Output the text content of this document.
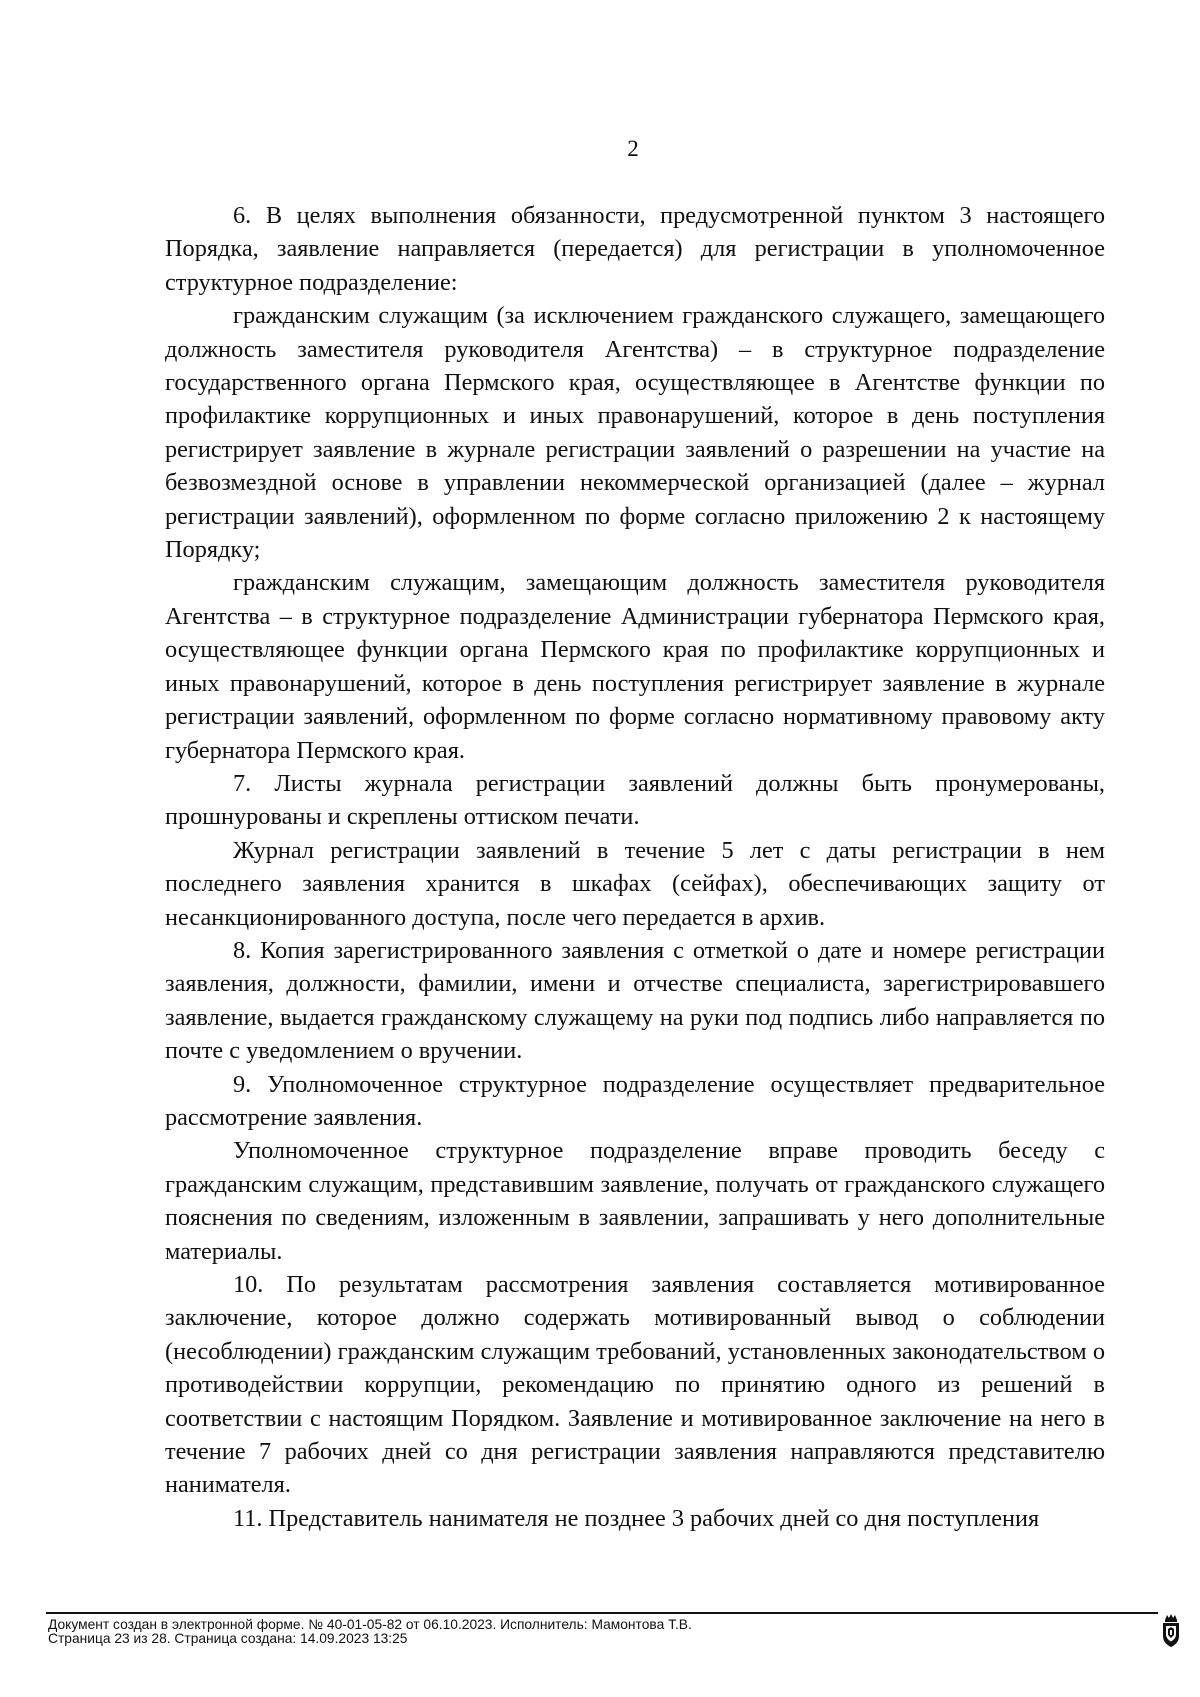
2

6. В целях выполнения обязанности, предусмотренной пунктом 3 настоящего Порядка, заявление направляется (передается) для регистрации в уполномоченное структурное подразделение:

гражданским служащим (за исключением гражданского служащего, замещающего должность заместителя руководителя Агентства) – в структурное подразделение государственного органа Пермского края, осуществляющее в Агентстве функции по профилактике коррупционных и иных правонарушений, которое в день поступления регистрирует заявление в журнале регистрации заявлений о разрешении на участие на безвозмездной основе в управлении некоммерческой организацией (далее – журнал регистрации заявлений), оформленном по форме согласно приложению 2 к настоящему Порядку;

гражданским служащим, замещающим должность заместителя руководителя Агентства – в структурное подразделение Администрации губернатора Пермского края, осуществляющее функции органа Пермского края по профилактике коррупционных и иных правонарушений, которое в день поступления регистрирует заявление в журнале регистрации заявлений, оформленном по форме согласно нормативному правовому акту губернатора Пермского края.

7. Листы журнала регистрации заявлений должны быть пронумерованы, прошнурованы и скреплены оттиском печати.

Журнал регистрации заявлений в течение 5 лет с даты регистрации в нем последнего заявления хранится в шкафах (сейфах), обеспечивающих защиту от несанкционированного доступа, после чего передается в архив.

8. Копия зарегистрированного заявления с отметкой о дате и номере регистрации заявления, должности, фамилии, имени и отчестве специалиста, зарегистрировавшего заявление, выдается гражданскому служащему на руки под подпись либо направляется по почте с уведомлением о вручении.

9. Уполномоченное структурное подразделение осуществляет предварительное рассмотрение заявления.

Уполномоченное структурное подразделение вправе проводить беседу с гражданским служащим, представившим заявление, получать от гражданского служащего пояснения по сведениям, изложенным в заявлении, запрашивать у него дополнительные материалы.

10. По результатам рассмотрения заявления составляется мотивированное заключение, которое должно содержать мотивированный вывод о соблюдении (несоблюдении) гражданским служащим требований, установленных законодательством о противодействии коррупции, рекомендацию по принятию одного из решений в соответствии с настоящим Порядком. Заявление и мотивированное заключение на него в течение 7 рабочих дней со дня регистрации заявления направляются представителю нанимателя.

11. Представитель нанимателя не позднее 3 рабочих дней со дня поступления

Документ создан в электронной форме. № 40-01-05-82 от 06.10.2023. Исполнитель: Мамонтова Т.В.
Страница 23 из 28. Страница создана: 14.09.2023 13:25
